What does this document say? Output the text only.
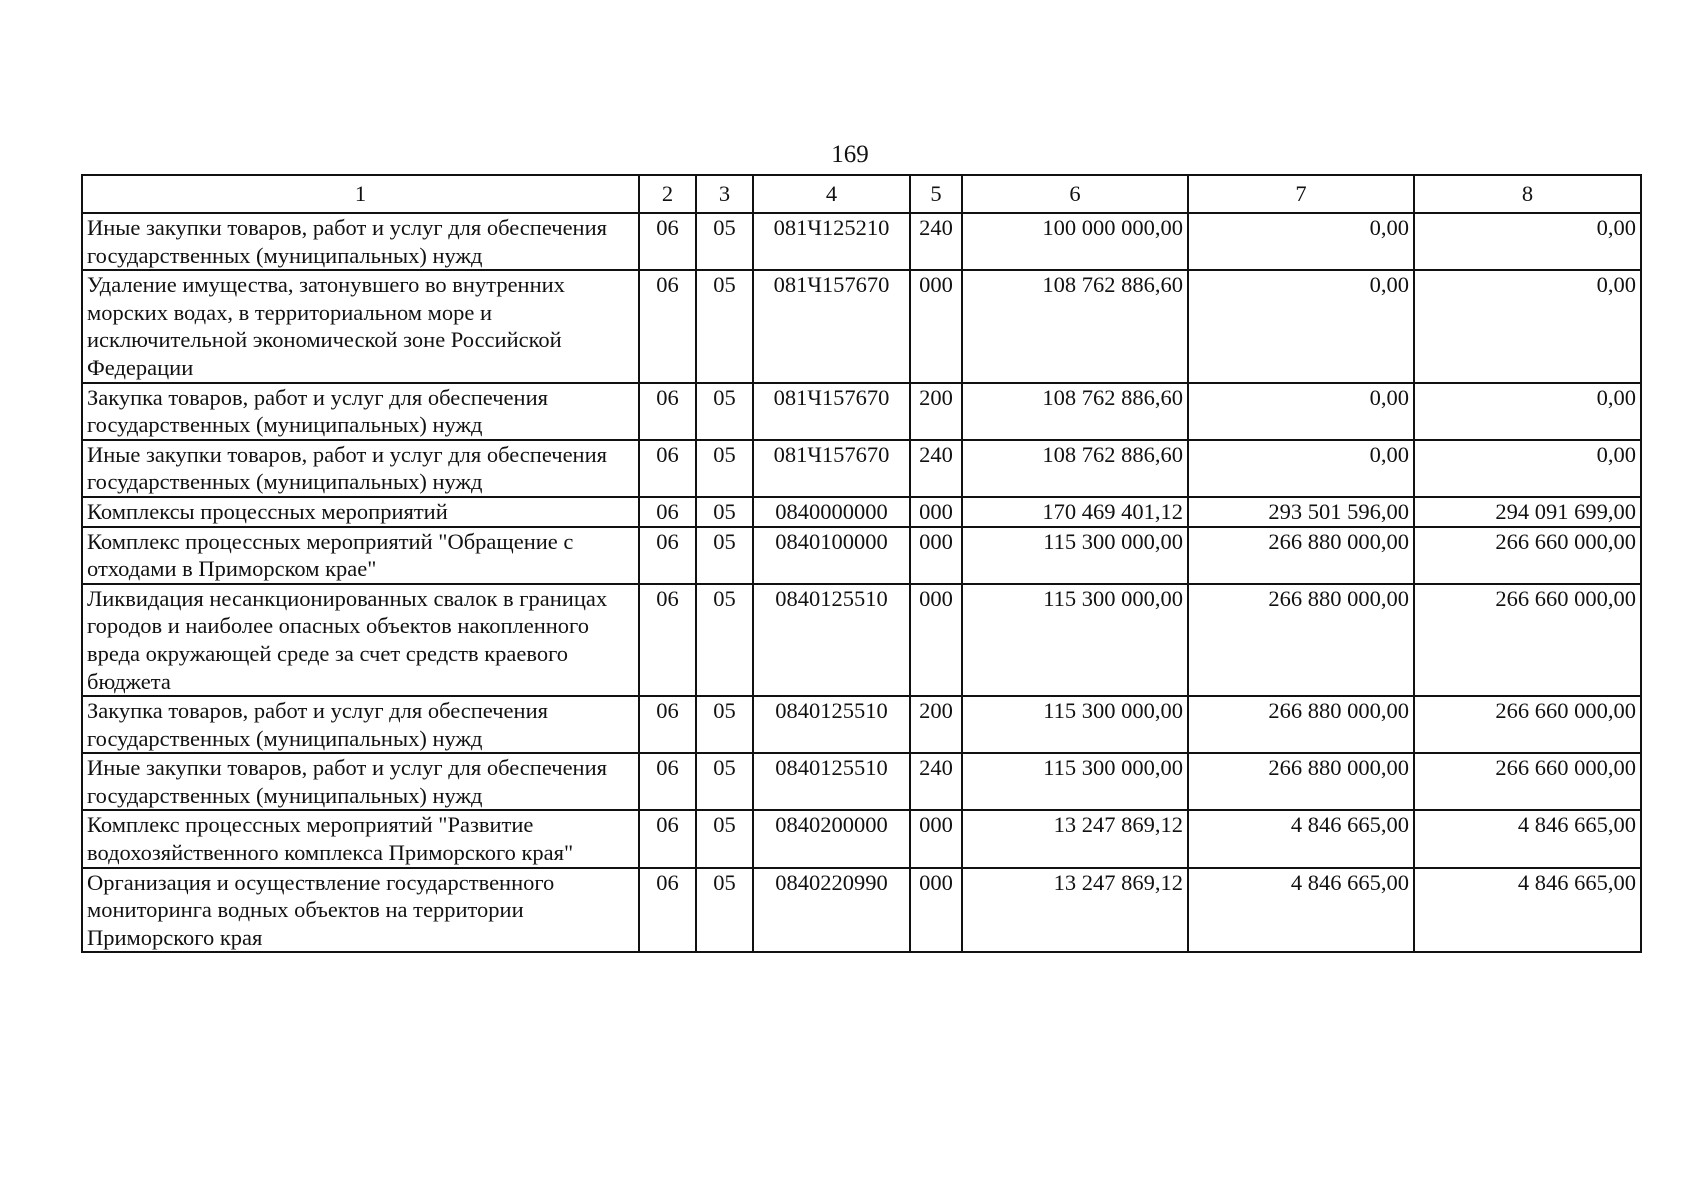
169
1	2	3	4	5	6	7	8
Иные закупки товаров, работ и услуг для обеспечения государственных (муниципальных) нужд	06	05	081Ч125210	240	100 000 000,00	0,00	0,00
Удаление имущества, затонувшего во внутренних морских водах, в территориальном море и исключительной экономической зоне Российской Федерации	06	05	081Ч157670	000	108 762 886,60	0,00	0,00
Закупка товаров, работ и услуг для обеспечения государственных (муниципальных) нужд	06	05	081Ч157670	200	108 762 886,60	0,00	0,00
Иные закупки товаров, работ и услуг для обеспечения государственных (муниципальных) нужд	06	05	081Ч157670	240	108 762 886,60	0,00	0,00
Комплексы процессных мероприятий	06	05	0840000000	000	170 469 401,12	293 501 596,00	294 091 699,00
Комплекс процессных мероприятий "Обращение с отходами в Приморском крае"	06	05	0840100000	000	115 300 000,00	266 880 000,00	266 660 000,00
Ликвидация несанкционированных свалок в границах городов и наиболее опасных объектов накопленного вреда окружающей среде за счет средств краевого бюджета	06	05	0840125510	000	115 300 000,00	266 880 000,00	266 660 000,00
Закупка товаров, работ и услуг для обеспечения государственных (муниципальных) нужд	06	05	0840125510	200	115 300 000,00	266 880 000,00	266 660 000,00
Иные закупки товаров, работ и услуг для обеспечения государственных (муниципальных) нужд	06	05	0840125510	240	115 300 000,00	266 880 000,00	266 660 000,00
Комплекс процессных мероприятий "Развитие водохозяйственного комплекса Приморского края"	06	05	0840200000	000	13 247 869,12	4 846 665,00	4 846 665,00
Организация и осуществление государственного мониторинга водных объектов на территории Приморского края	06	05	0840220990	000	13 247 869,12	4 846 665,00	4 846 665,00
